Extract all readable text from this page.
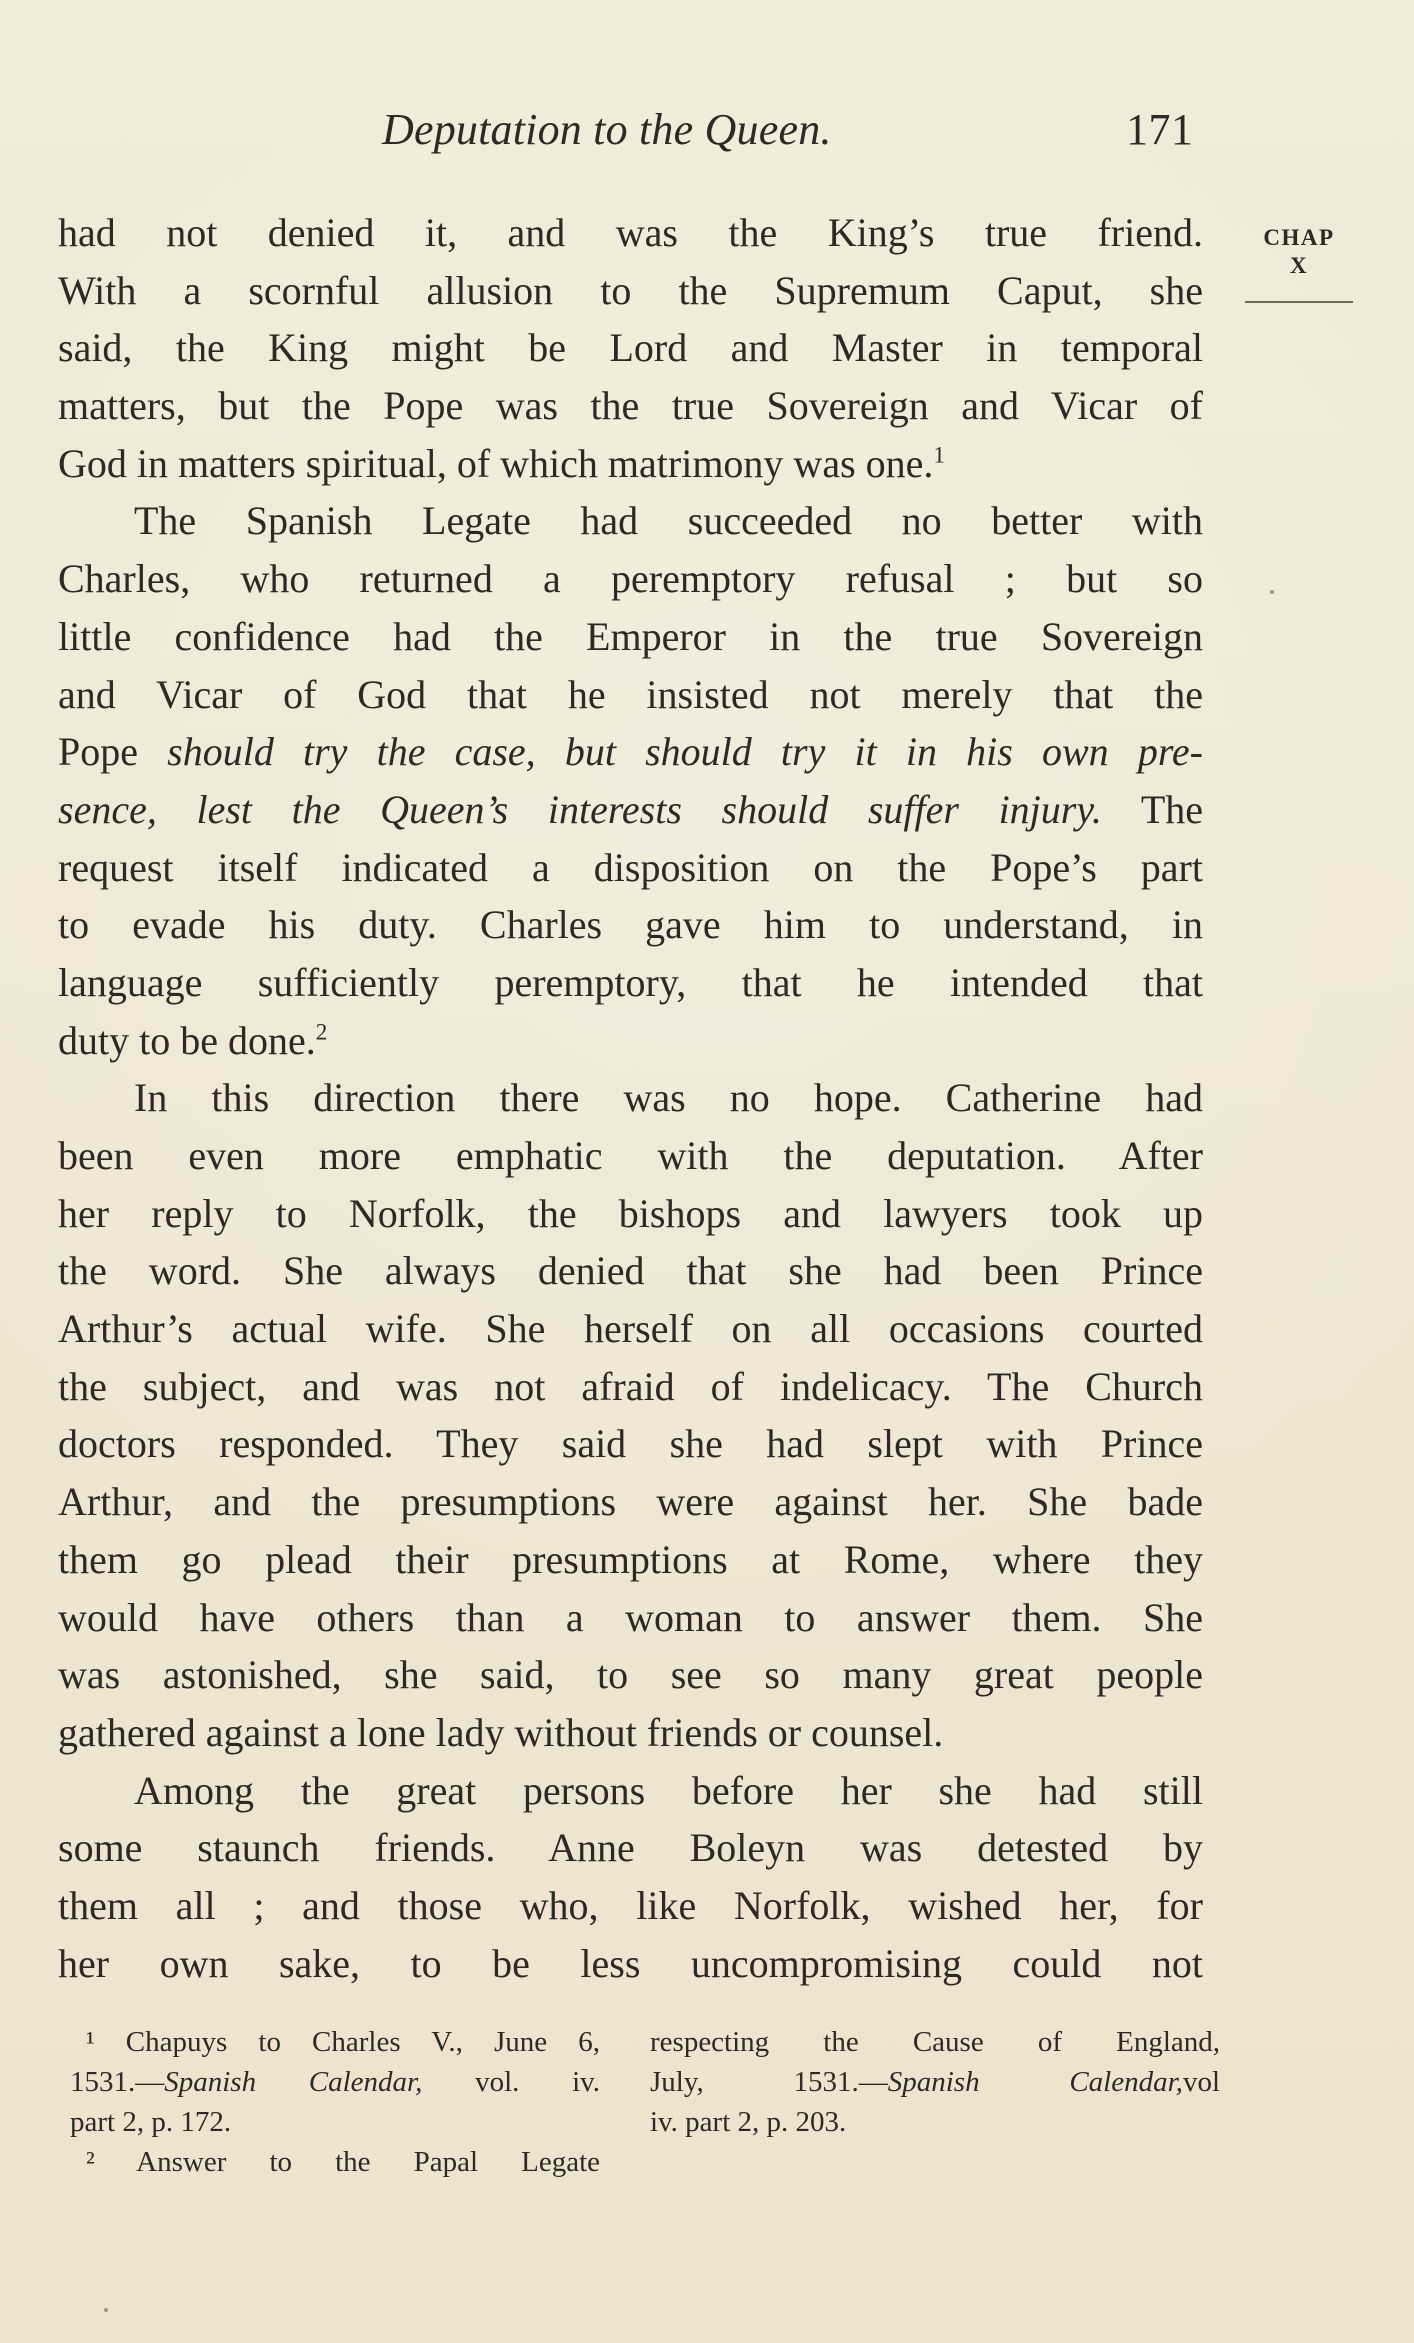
Deputation to the Queen.	171
CHAP
X
had not denied it, and was the King’s true friend.
With a scornful allusion to the Supremum Caput, she
said, the King might be Lord and Master in temporal
matters, but the Pope was the true Sovereign and Vicar of
God in matters spiritual, of which matrimony was one.$^1$
The Spanish Legate had succeeded no better with
Charles, who returned a peremptory refusal ; but so
little confidence had the Emperor in the true Sovereign
and Vicar of God that he insisted not merely that the
Pope should try the case, but should try it in his own pre-
sence, lest the Queen’s interests should suffer injury. The
request itself indicated a disposition on the Pope’s part
to evade his duty. Charles gave him to understand, in
language sufficiently peremptory, that he intended that
duty to be done.$^2$
In this direction there was no hope. Catherine had
been even more emphatic with the deputation. After
her reply to Norfolk, the bishops and lawyers took up
the word. She always denied that she had been Prince
Arthur’s actual wife. She herself on all occasions courted
the subject, and was not afraid of indelicacy. The Church
doctors responded. They said she had slept with Prince
Arthur, and the presumptions were against her. She bade
them go plead their presumptions at Rome, where they
would have others than a woman to answer them. She
was astonished, she said, to see so many great people
gathered against a lone lady without friends or counsel.
Among the great persons before her she had still
some staunch friends. Anne Boleyn was detested by
them all ; and those who, like Norfolk, wished her, for
her own sake, to be less uncompromising could not
¹ Chapuys to Charles V., June 6,
1531.—Spanish Calendar, vol. iv.
part 2, p. 172.
² Answer to the Papal Legate
respecting the Cause of England,
July, 1531.—Spanish Calendar,vol
iv. part 2, p. 203.
